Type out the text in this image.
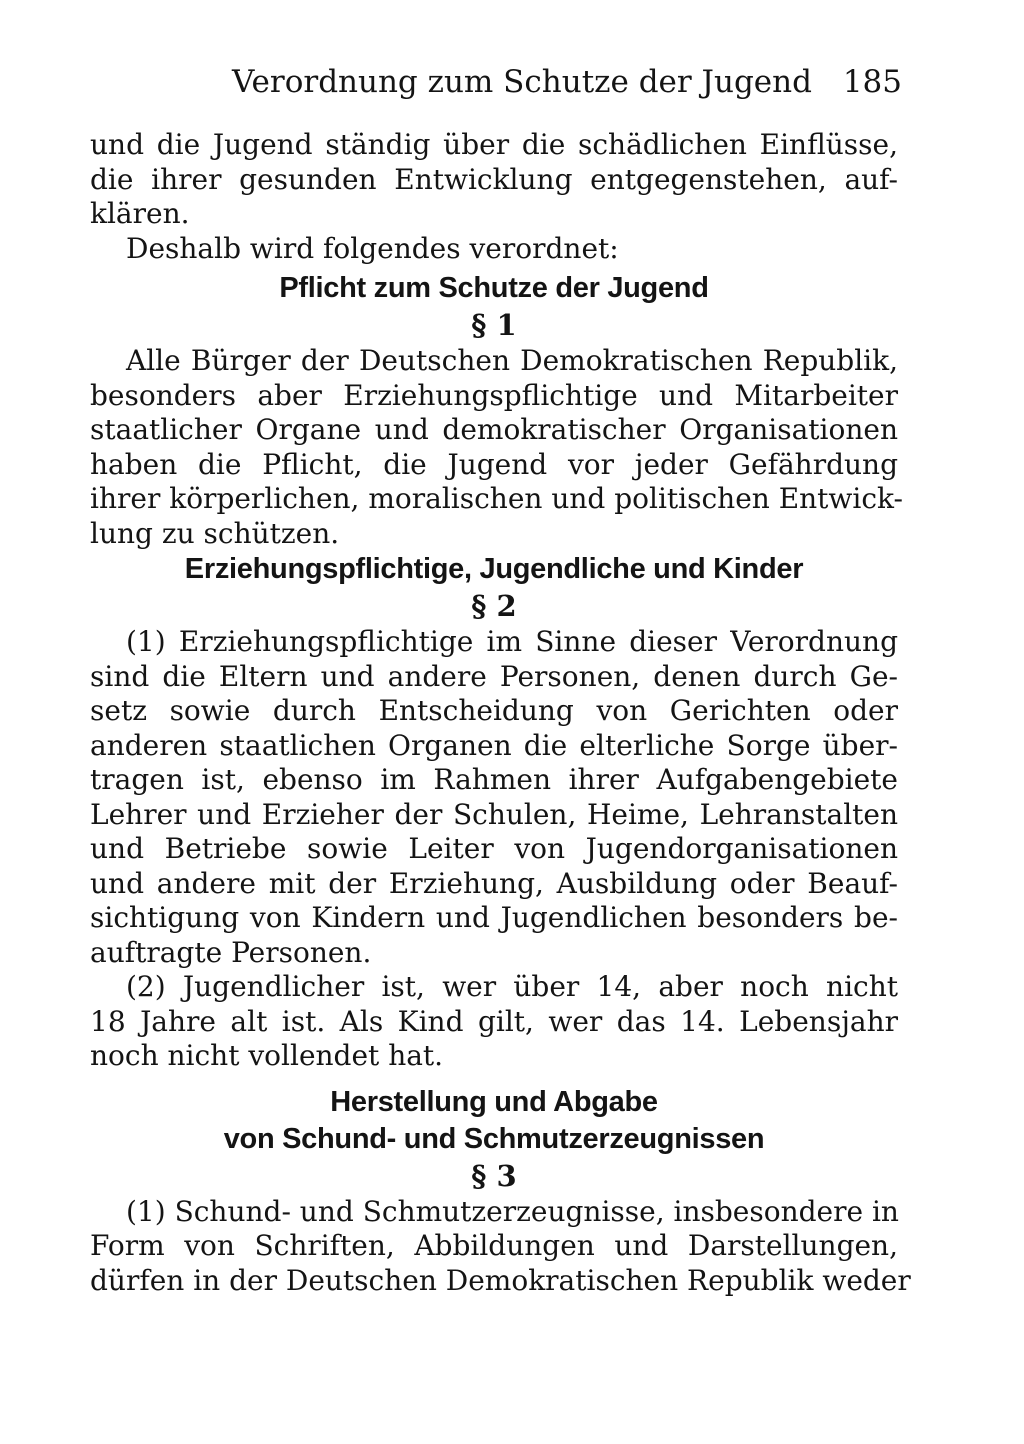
Verordnung zum Schutze der Jugend 185
und die Jugend ständig über die schädlichen Einflüsse,
die ihrer gesunden Entwicklung entgegenstehen, auf-
klären.
Deshalb wird folgendes verordnet:
Pflicht zum Schutze der Jugend
§ 1
Alle Bürger der Deutschen Demokratischen Republik,
besonders aber Erziehungspflichtige und Mitarbeiter
staatlicher Organe und demokratischer Organisationen
haben die Pflicht, die Jugend vor jeder Gefährdung
ihrer körperlichen, moralischen und politischen Entwick-
lung zu schützen.
Erziehungspflichtige, Jugendliche und Kinder
§ 2
(1) Erziehungspflichtige im Sinne dieser Verordnung
sind die Eltern und andere Personen, denen durch Ge-
setz sowie durch Entscheidung von Gerichten oder
anderen staatlichen Organen die elterliche Sorge über-
tragen ist, ebenso im Rahmen ihrer Aufgabengebiete
Lehrer und Erzieher der Schulen, Heime, Lehranstalten
und Betriebe sowie Leiter von Jugendorganisationen
und andere mit der Erziehung, Ausbildung oder Beauf-
sichtigung von Kindern und Jugendlichen besonders be-
auftragte Personen.
(2) Jugendlicher ist, wer über 14, aber noch nicht
18 Jahre alt ist. Als Kind gilt, wer das 14. Lebensjahr
noch nicht vollendet hat.
Herstellung und Abgabe
von Schund- und Schmutzerzeugnissen
§ 3
(1) Schund- und Schmutzerzeugnisse, insbesondere in
Form von Schriften, Abbildungen und Darstellungen,
dürfen in der Deutschen Demokratischen Republik weder
